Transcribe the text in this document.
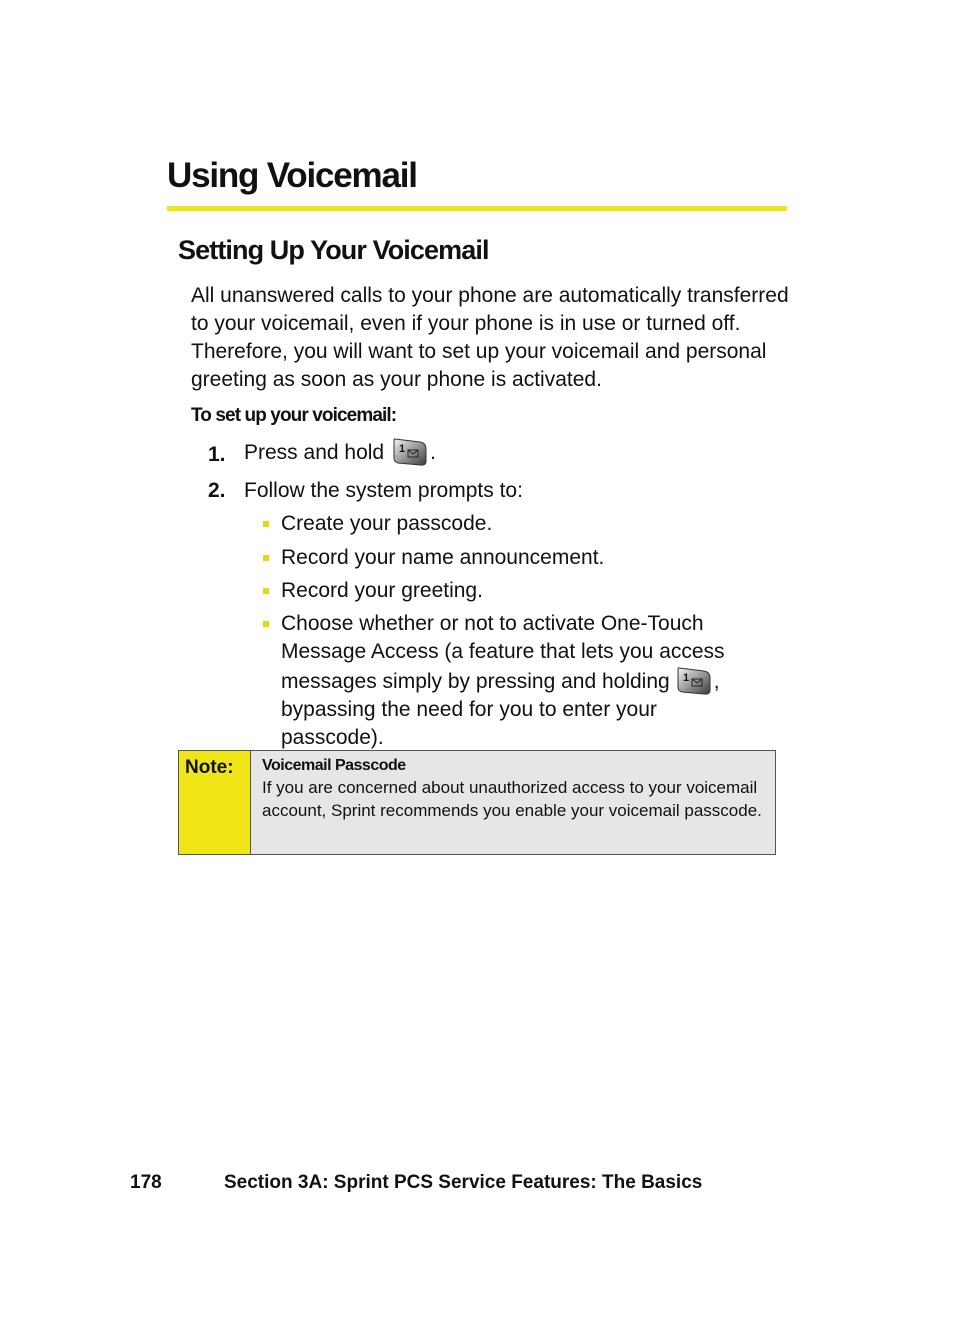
Using Voicemail
Setting Up Your Voicemail
All unanswered calls to your phone are automatically transferred to your voicemail, even if your phone is in use or turned off. Therefore, you will want to set up your voicemail and personal greeting as soon as your phone is activated.
To set up your voicemail:
1. Press and hold 1 .
2. Follow the system prompts to:
Create your passcode.
Record your name announcement.
Record your greeting.
Choose whether or not to activate One-Touch Message Access (a feature that lets you access messages simply by pressing and holding 1 , bypassing the need for you to enter your passcode).
Note: Voicemail Passcode
If you are concerned about unauthorized access to your voicemail account, Sprint recommends you enable your voicemail passcode.
178	Section 3A: Sprint PCS Service Features: The Basics
